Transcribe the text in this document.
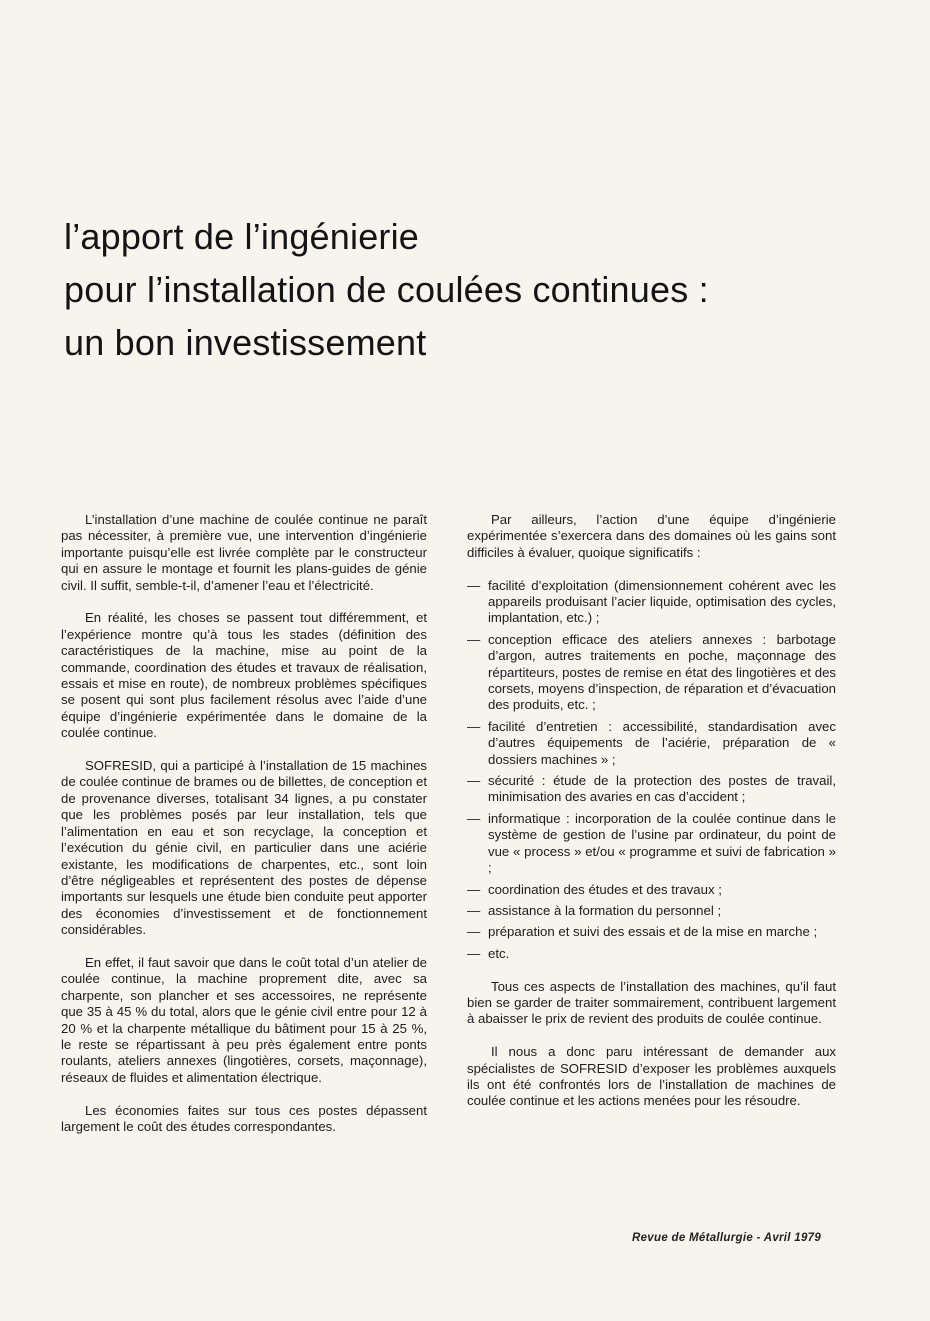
l’apport de l’ingénierie
pour l’installation de coulées continues :
un bon investissement

L’installation d’une machine de coulée continue ne paraît pas nécessiter, à première vue, une intervention d’ingénierie importante puisqu’elle est livrée complète par le constructeur qui en assure le montage et fournit les plans-guides de génie civil. Il suffit, semble-t-il, d’amener l’eau et l’électricité.

En réalité, les choses se passent tout différemment, et l’expérience montre qu’à tous les stades (définition des caractéristiques de la machine, mise au point de la commande, coordination des études et travaux de réalisation, essais et mise en route), de nombreux problèmes spécifiques se posent qui sont plus facilement résolus avec l’aide d’une équipe d’ingénierie expérimentée dans le domaine de la coulée continue.

SOFRESID, qui a participé à l’installation de 15 machines de coulée continue de brames ou de billettes, de conception et de provenance diverses, totalisant 34 lignes, a pu constater que les problèmes posés par leur installation, tels que l’alimentation en eau et son recyclage, la conception et l’exécution du génie civil, en particulier dans une aciérie existante, les modifications de charpentes, etc., sont loin d’être négligeables et représentent des postes de dépense importants sur lesquels une étude bien conduite peut apporter des économies d’investissement et de fonctionnement considérables.

En effet, il faut savoir que dans le coût total d’un atelier de coulée continue, la machine proprement dite, avec sa charpente, son plancher et ses accessoires, ne représente que 35 à 45 % du total, alors que le génie civil entre pour 12 à 20 % et la charpente métallique du bâtiment pour 15 à 25 %, le reste se répartissant à peu près également entre ponts roulants, ateliers annexes (lingotières, corsets, maçonnage), réseaux de fluides et alimentation électrique.

Les économies faites sur tous ces postes dépassent largement le coût des études correspondantes.

Par ailleurs, l’action d’une équipe d’ingénierie expérimentée s’exercera dans des domaines où les gains sont difficiles à évaluer, quoique significatifs :

— facilité d’exploitation (dimensionnement cohérent avec les appareils produisant l’acier liquide, optimisation des cycles, implantation, etc.) ;
— conception efficace des ateliers annexes : barbotage d’argon, autres traitements en poche, maçonnage des répartiteurs, postes de remise en état des lingotières et des corsets, moyens d’inspection, de réparation et d’évacuation des produits, etc. ;
— facilité d’entretien : accessibilité, standardisation avec d’autres équipements de l’aciérie, préparation de « dossiers machines » ;
— sécurité : étude de la protection des postes de travail, minimisation des avaries en cas d’accident ;
— informatique : incorporation de la coulée continue dans le système de gestion de l’usine par ordinateur, du point de vue « process » et/ou « programme et suivi de fabrication » ;
— coordination des études et des travaux ;
— assistance à la formation du personnel ;
— préparation et suivi des essais et de la mise en marche ;
— etc.

Tous ces aspects de l’installation des machines, qu’il faut bien se garder de traiter sommairement, contribuent largement à abaisser le prix de revient des produits de coulée continue.

Il nous a donc paru intéressant de demander aux spécialistes de SOFRESID d’exposer les problèmes auxquels ils ont été confrontés lors de l’installation de machines de coulée continue et les actions menées pour les résoudre.

Revue de Métallurgie - Avril 1979
